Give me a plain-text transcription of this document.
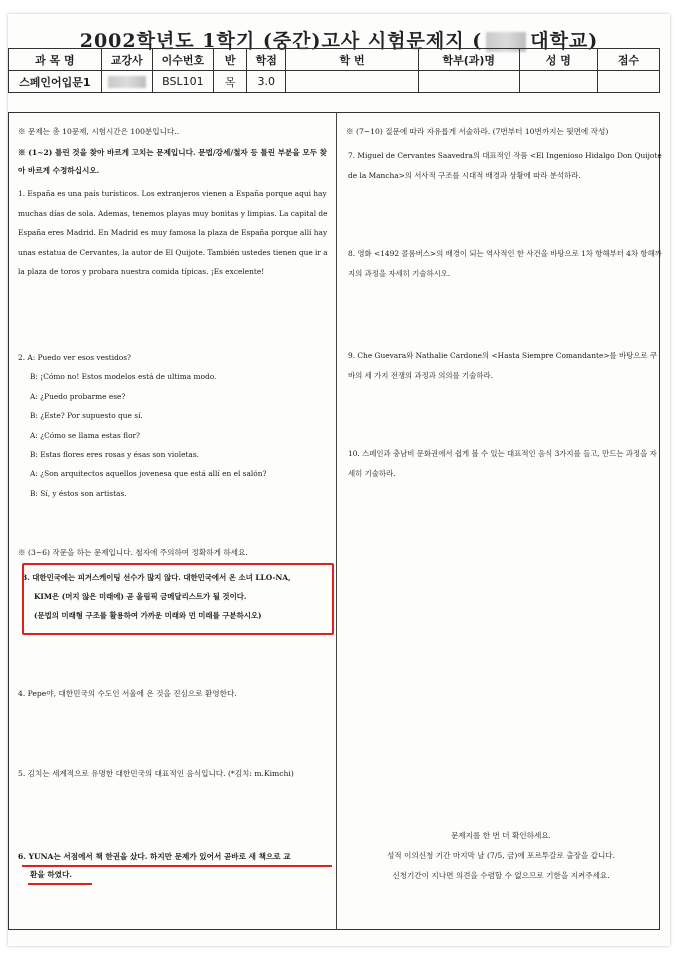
2002학년도 1학기 (중간)고사 시험문제지 (	대학교)
과 목 명	교강사	이수번호	반	학점	학 번	학부(과)명	성 명	점수
스페인어입문1		BSL101	목	3.0				
※ 문제는 총 10문제, 시험시간은 100분입니다..
※ (1~2) 틀린 것을 찾아 바르게 고치는 문제입니다. 문법/강세/철자 등 틀린 부분을 모두 찾아 바르게 수정하십시오.
1. España es una país turísticos. Los extranjeros vienen a España porque aqui hay muchas días de sola. Ademas, tenemos playas muy bonitas y limpias. La capital de España eres Madrid. En Madrid es muy famosa la plaza de España porque allí hay unas estatua de Cervantes, la autor de El Quijote. También ustedes tienen que ir a la plaza de toros y probara nuestra comida típicas. ¡Es excelente!
2. A: Puedo ver esos vestidos?
B: ¡Cómo no! Estos modelos está de ultima modo.
A: ¿Puedo probarme ese?
B: ¿Este? Por supuesto que sí.
A: ¿Cómo se llama estas flor?
B: Estas flores eres rosas y ésas son violetas.
A: ¿Son arquitectos aquellos jovenesa que está allí en el salón?
B: Sí, y éstos son artistas.
※ (3~6) 작문을 하는 문제입니다. 철자에 주의하여 정확하게 하세요.
3. 대한민국에는 피겨스케이팅 선수가 많지 않다. 대한민국에서 온 소녀 LLO-NA,
KIM은 (머지 않은 미래에) 곧 올림픽 금메달리스트가 될 것이다.
(문법의 미래형 구조를 활용하여 가까운 미래와 먼 미래를 구분하시오)
4. Pepe야, 대한민국의 수도인 서울에 온 것을 진심으로 환영한다.
5. 김치는 세계적으로 유명한 대한민국의 대표적인 음식입니다. (*김치: m.Kimchi)
6. YUNA는 서점에서 책 한권을 샀다. 하지만 문제가 있어서 곧바로 새 책으로 교
환을 하였다.
※ (7~10) 질문에 따라 자유롭게 서술하라. (7번부터 10번까지는 뒷면에 작성)
7. Miguel de Cervantes Saavedra의 대표적인 작품 <El Ingenioso Hidalgo Don Quijote de la Mancha>의 서사적 구조를 시대적 배경과 상황에 따라 분석하라.
8. 영화 <1492 콜롬버스>의 배경이 되는 역사적인 한 사건을 바탕으로 1차 항해부터 4차 항해까지의 과정을 자세히 기술하시오.
9. Che Guevara와 Nathalie Cardone의 <Hasta Siempre Comandante>를 바탕으로 쿠바의 세 가지 전쟁의 과정과 의의를 기술하라.
10. 스페인과 충남비 문화권에서 쉽게 볼 수 있는 대표적인 음식 3가지를 들고, 만드는 과정을 자세히 기술하라.
문제지를 한 번 더 확인하세요.
성적 이의신청 기간 마지막 날 (7/5, 금)에 포르투갈로 출장을 갑니다.
신청기간이 지나면 의견을 수렴할 수 없으므로 기한을 지켜주세요.
